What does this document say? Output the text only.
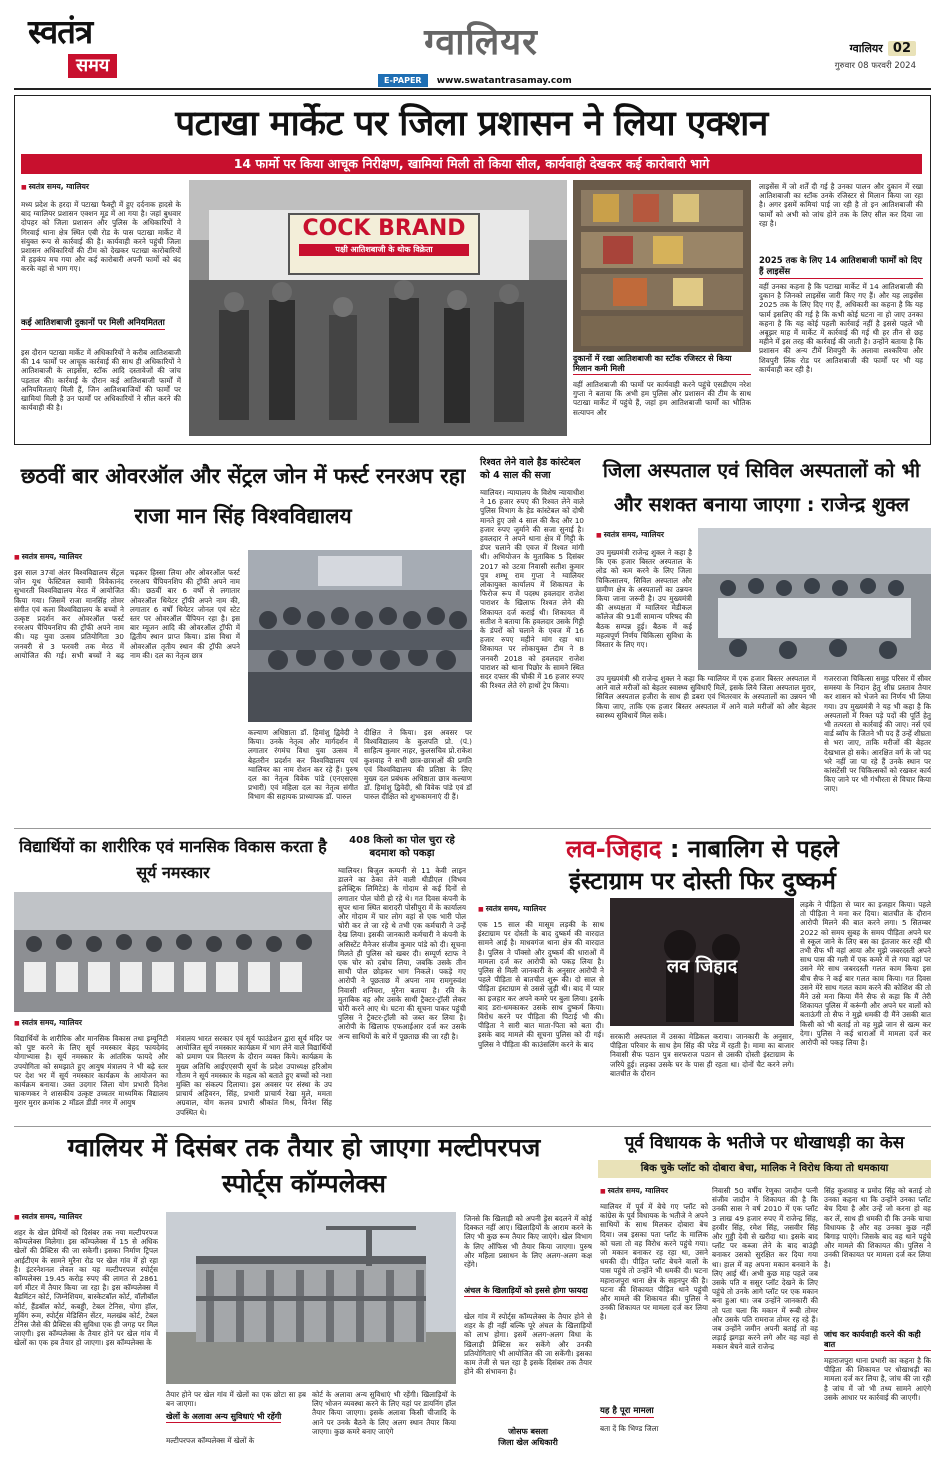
स्वतंत्र
समय
ग्वालियर
E-PAPER www.swatantrasamay.com
ग्वालियर 02
गुरुवार 08 फरवरी 2024
पटाखा मार्केट पर जिला प्रशासन ने लिया एक्शन
14 फार्मो पर किया आचूक निरीक्षण, खामियां मिली तो किया सील, कार्यवाही देखकर कई कारोबारी भागे
■ स्वतंत्र समय, ग्वालियर
मध्य प्रदेश के हरदा में पटाखा फैक्ट्री में हुए दर्दनाक हादसे के बाद ग्वालियर प्रशासन एक्शन मूड में आ गया है। जहां बुधवार दोपहर को जिला प्रशासन और पुलिस के अधिकारियों ने गिरवाई थाना क्षेत्र स्थित एबी रोड के पास पटाखा मार्केट में संयुक्त रूप से कार्रवाई की है। कार्यवाही करने पहुंची जिला प्रशासन अधिकारियों की टीम को देखकर पटाखा कारोबारियों में हड़कंप मच गया और कई कारोबारी अपनी फार्मो को बंद करके वहां से भाग गए।
कई आतिशबाजी दुकानों पर मिली अनियमितता
इस दौरान पटाखा मार्केट में अधिकारियों ने करीब आतिशबाजी की 14 फार्मों पर आचूक कार्रवाई की साथ ही अधिकारियों ने आतिशबाजी के लाइसेंस, स्टॉक आदि दस्तावेजों की जांच पड़ताल की। कार्रवाई के दौरान कई आतिशबाजी फार्मों में अनियमितताएं मिली हैं, जिन आतिशबाजियों की फार्मों पर खामियां मिली है उन फार्मों पर अधिकारियों ने सील करने की कार्यवाही की है।
COCK BRAND
पक्षी आतिशबाजी के थोक विक्रेता
दुकानों में रखा आतिशबाजी का स्टॉक रजिस्टर से किया मिलान कमी मिली
वहीं आतिशबाजी की फार्मो पर कार्यवाही करने पहुंचे एसडीएम नरेश गुप्ता ने बताया कि अभी हम पुलिस और प्रशासन की टीम के साथ पटाखा मार्केट में पहुंचे हैं, जहां हम आतिशबाजी फार्मों का भौतिक सत्यापन और
लाइसेंस में जो शर्तें दी गई है उनका पालन और दुकान में रखा आतिशबाजी का स्टॉक उनके रजिस्टर से मिलान किया जा रहा है। अगर इसमें कमियां पाई जा रही है तो इन आतिशबाजी की फार्मों को अभी को जांच होने तक के लिए सील कर दिया जा रहा है।
2025 तक के लिए 14 आतिशबाजी फार्मों को दिए हैं लाइसेंस
वहीं उनका कहना है कि पटाखा मार्केट में 14 आतिशबाजी की दुकान है जिनको लाइसेंस जारी किए गए हैं। और यह लाइसेंस 2025 तक के लिए दिए गए हैं, अधिकारी का कहना है कि यह फार्म इसलिए की गई है कि कभी कोई घटना ना हो जाए उनका कहना है कि यह कोई पहली कार्रवाई नहीं है इससे पहले भी अबूझर माह में मार्केट में कार्रवाई की गई थी हर तीन से छह महीने में इस तरह की कार्रवाई की जाती है। उन्होंने बताया है कि प्रशासन की अन्य टीमें शिवपुरी के अलावा लश्करिया और शिवपुरी लिंक रोड पर आतिशबाजी की फार्मों पर भी यह कार्यवाही कर रही है।
छठवीं बार ओवरऑल और सेंट्रल जोन में फर्स्ट रनरअप रहा राजा मान सिंह विश्वविद्यालय
■ स्वतंत्र समय, ग्वालियर
इस साल 37वां अंतर विश्वविद्यालय सेंट्रल जोन यूथ फेस्टिवल स्वामी विवेकानंद सुभारती विश्वविद्यालय मेरठ में आयोजित किया गया। जिसमें राजा मानसिंह तोमर संगीत एवं कला विश्वविद्यालय के बच्चों ने उत्कृष्ट प्रदर्शन कर ओवरऑल फर्स्ट रनरअप चैंपियनशिप की ट्रॉफी अपने नाम की। यह युवा उत्सव प्रतियोगिता 30 जनवरी से 3 फरवरी तक मेरठ में आयोजित की गई। सभी बच्चों ने बढ़ चढ़कर हिस्सा लिया और ओवरऑल फर्स्ट रनरअप चैंपियनशिप की ट्रॉफी अपने नाम की। छठवीं बार 6 वर्षों से लगातार ओवरऑल थियेटर ट्रॉफी अपने नाम की, लगातार 6 वर्षों थियेटर जोनल एवं स्टेट स्तर पर ओवरऑल चैंपियन रहा है। इस बार म्यूजन आदि की ओवरऑल ट्रॉफी में द्वितीय स्थान प्राप्त किया। डांस विधा में ओवरऑल तृतीय स्थान की ट्रॉफी अपने नाम की। दल का नेतृत्व छात्र
कल्याण अधिष्ठाता डॉ. हिमांशु द्विवेदी ने किया। उनके नेतृत्व और मार्गदर्शन में लगातार रंगमंच विधा युवा उत्सव में बेहतरीन प्रदर्शन कर विश्वविद्यालय एवं ग्वालियर का नाम रोशन कर रहे हैं। पुरुष दल का नेतृत्व विवेक पांडे (एनएसएस प्रभारी) एवं महिला दल का नेतृत्व संगीत विभाग की सहायक प्राध्यापक डॉ. पारुल
दीक्षित ने किया। इस अवसर पर विश्वविद्यालय के कुलपति प्रो. (पं.) साहित्य कुमार नाहर, कुलसचिव प्रो.राकेश कुशवाह ने सभी छात्र-छात्राओं की प्रगति एवं विश्वविद्यालय की प्रतिष्ठा के लिए मुख्य दल प्रबंधक अधिष्ठाता छात्र कल्याण डॉ. हिमांशु द्विवेदी, श्री विवेक पांडे एवं डॉ पारुल दीक्षित को शुभकामनाएं दी हैं।
रिश्वत लेने वाले हैड कांस्टेबल को 4 साल की सजा
ग्वालियर। न्यायालय के विशेष न्यायाधीश ने 16 हजार रुपए की रिश्वत लेने वाले पुलिस विभाग के हेड कांस्टेबल को दोषी मानते हुए उसे 4 साल की कैद और 10 हजार रुपए जुर्माने की सजा सुनाई है। हवलदार ने अपने थाना क्षेत्र में गिट्टी के डंपर चलाने की एवज में रिश्वत मांगी थी। अभियोजन के मुताबिक 5 दिसंबर 2017 को उटवा निवासी सतीश कुमार पुत्र शम्भू राम गुप्ता ने ग्वालियर लोकायुक्त कार्यालय में शिकायत के फिरोज रूप में पदस्थ हवलदार राजेश पाराशर के खिलाफ रिश्वत लेने की शिकायत दर्ज कराई थी। शिकायत में सतीश ने बताया कि हवलदार उसके गिट्टी के डंपरों को चलाने के एवज में 16 हजार रुपए महीने मांग रहा था। शिकायत पर लोकायुक्त टीम ने 8 जनवरी 2018 को हवलदार राजेश पाराशर को थाना पिछोर के सामने स्थित सदर दफ्तर की चौकी में 16 हजार रुपए की रिश्वत लेते रंगे हाथों ट्रेप किया।
जिला अस्पताल एवं सिविल अस्पतालों को भी और सशक्त बनाया जाएगा : राजेन्द्र शुक्ल
■ स्वतंत्र समय, ग्वालियर
उप मुख्यमंत्री राजेन्द्र शुक्ल ने कहा है कि एक हजार बिस्तर अस्पताल के लोड को कम करने के लिए जिला चिकित्सालय, सिविल अस्पताल और ग्रामीण क्षेत्र के अस्पतालों का उन्नयन किया जाना जरूरी है। उप मुख्यमंत्री की अध्यक्षता में ग्वालियर मेडीकल कॉलेज की 91वीं सामान्य परिषद की बैठक सम्पन्न हुई। बैठक में कई महत्वपूर्ण निर्णय चिकित्सा सुविधा के विस्तार के लिए गए।
उप मुख्यमंत्री श्री राजेन्द्र शुक्ल ने कहा कि ग्वालियर में एक हजार बिस्तर अस्पताल में आने वाले मरीजों को बेहतर स्वास्थ्य सुविधाएँ मिलें, इसके लिये जिला अस्पताल मुरार, सिविल अस्पताल हजीरा के साथ ही डबरा एवं भितरवार के अस्पतालों का उन्नयन भी किया जाए, ताकि एक हजार बिस्तर अस्पताल में आने वाले मरीजों को और बेहतर स्वास्थ्य सुविधायें मिल सकें।
गजरराजा चिकित्सा समूह परिसर में सीवर समस्या के निदान हेतु शीघ्र प्रस्ताव तैयार कर शासन को भेजने का निर्णय भी लिया गया। उप मुख्यमंत्री ने यह भी कहा है कि अस्पतालों में रिक्त पड़े पदों की पूर्ति हेतु भी तत्परता से कार्रवाई की जाए। नर्स एवं वार्ड ब्वॉय के जितने भी पद हैं उन्हें शीघ्रता से भरा जाए, ताकि मरीजों की बेहतर देखभाल हो सके। आरक्षित वर्ग के जो पद भरे नहीं जा पा रहे हैं उनके स्थान पर कांसटेंसी पर चिकित्सकों को रखकर कार्य किए जाने पर भी गंभीरता से विचार किया जाए।
विद्यार्थियों का शारीरिक एवं मानसिक विकास करता है सूर्य नमस्कार
■ स्वतंत्र समय, ग्वालियर
विद्यार्थियों के शारीरिक और मानसिक विकास तथा इम्यूनिटी को पुष्ट करने के लिए सूर्य नमस्कार बेहद फायदेमंद योगाभ्यास है। सूर्य नमस्कार के आंतरिक फायदे और उपयोगिता को समझाते हुए आयुष मंत्रालय ने भी बढ़े स्तर पर देश भर में सूर्य नमस्कार कार्यक्रम के आयोजन का कार्यक्रम बनाया। उक्त उदगार जिला योग प्रभारी दिनेश चाकणकर ने शासकीय उत्कृष्ट उच्चतर माध्यमिक विद्यालय मुरार मुरार क्रमांक 2 मॉडल डीडी नगर में आयुष
मंत्रालय भारत सरकार एवं सूर्य फाउंडेशन द्वारा सूर्य मंदिर पर आयोजित सूर्य नमस्कार कार्यक्रम में भाग लेने वाले विद्यार्थियों को प्रमाण पत्र वितरण के दौरान व्यक्त किये। कार्यक्रम के मुख्य अतिथि आईएएसपी सूर्या के प्रदेश उपाध्यक्ष हरिओम गौतम ने सूर्य नमस्कार के महत्व को बताते हुए बच्चों को नशा मुक्ति का संकल्प दिलाया। इस अवसर पर संस्था के उप प्राचार्य अहिवरन, सिंह, प्रभारी प्राचार्य रेखा मुले, ममता अग्रवाल, योग कलव प्रभारी श्रीकांत मिश्र, विनेश सिंह उपस्थित थे।
408 किलो का पोल चुरा रहे बदमाश को पकड़ा
ग्वालियर। बिजुल कम्पनी से 11 केवी लाइन डालने का ठेका लेने वाली थीडीएल (विभव इलेक्ट्रिक लिमिटेड) के गोदाम से कई दिनों से लगातार पोल चोरी हो रहे थे। गत दिवस कंपनी के सुपर थाना स्थित बारादरी पोसीपुरा में के कार्यालय और गोदाम में चार लोग वहां से एक भारी पोल चोरी कर ले जा रहे थे तभी एक कर्मचारी ने उन्हें देख लिया। इसकी जानकारी कर्मचारी ने कंपनी के असिस्टेंट मैनेजर संजीव कुमार पांडे को दी। सूचना मिलते ही पुलिस को खबर दी। सम्पूर्ण स्टाफ ने एक चोर को दबोच लिया, जबकि उसके तीन साथी पोल छोड़कर भाग निकले। पकड़े गए आरोपी ने पूछताछ में अपना नाम रामगुरुवंश निवासी शनिचरा, मुरैना बताया है। रवि के मुताबिक वह और उसके साथी ट्रैक्टर-ट्रॉली लेकर चोरी करने आए थे। घटना की सूचना पाकर पहुंची पुलिस ने ट्रैक्टर-ट्रॉली को जब्त कर लिया है। आरोपी के खिलाफ एफआईआर दर्ज कर उसके अन्य साथियों के बारे में पूछताछ की जा रही है।
लव-जिहाद : नाबालिग से पहले
इंस्टाग्राम पर दोस्ती फिर दुष्कर्म
■ स्वतंत्र समय, ग्वालियर
एक 15 साल की मासूम लड़की के साथ इंस्टाग्राम पर दोस्ती के बाद दुष्कर्म की वारदात सामने आई है। माधवगंज थाना क्षेत्र की वारदात है। पुलिस ने पॉक्सो और दुष्कर्म की धाराओं में मामला दर्ज कर आरोपी को पकड़ लिया है। पुलिस से मिली जानकारी के अनुसार आरोपी ने पहले पीड़िता से बातचीत शुरू की। दो साल से पीड़िता इंस्टाग्राम से उससे जुड़ी थी। बाद में प्यार का इजहार कर अपने कमरे पर बुला लिया। इसके बाद डरा-धमकाकर उसके साथ दुष्कर्म किया। विरोध करने पर पीड़िता की पिटाई भी की। पीड़िता ने सारी बात माता-पिता को बता दी। इसके बाद मामले की सूचना पुलिस को दी गई। पुलिस ने पीड़िता की काउंसलिंग करने के बाद
लव जिहाद
सरकारी अस्पताल में उसका मेडिकल कराया। जानकारी के अनुसार, पीड़िता परिवार के साथ हेम सिंह की परेड में रहती है। मामा का बाजार निवासी सैफ पठान पुत्र सरफराज पठान से उसकी दोस्ती इंस्टाग्राम के जरिये हुई। लड़का उसके घर के पास ही रहता था। दोनों चैट करने लगे। बातचीत के दौरान
लड़के ने पीड़िता से प्यार का इजहार किया। पहले तो पीड़िता ने मना कर दिया। बातचीत के दौरान आरोपी मिलने की बात करने लगा। 5 सितम्बर 2022 को समय सुबह के समय पीड़िता अपने घर से स्कूल जाने के लिए बस का इंतजार कर रही थी तभी सैफ भी वहां आया और मुझे जबरदस्ती अपने साथ पास की गली में एक कमरे में ले गया वहां पर उसने मेरे साथ जबरदस्ती गलत काम किया इस बीच सैफ ने कई बार गलत काम किया। गत दिवस उसने मेरे साथ गलत काम करने की कोशिश की तो मैंने उसे मना किया मैंने सैफ से कहा कि मैं तेरी शिकायत पुलिस में करूंगी और अपने घर वालों को बताऊंगी तो सैफ ने मुझे धमकी दी मैंने उसकी बात किसी को भी बताई तो वह मुझे जान से खत्म कर देगा। पुलिस ने कई धाराओं में मामला दर्ज कर आरोपी को पकड़ लिया है।
ग्वालियर में दिसंबर तक तैयार हो जाएगा मल्टीपरपज स्पोर्ट्स कॉम्पलेक्स
■ स्वतंत्र समय, ग्वालियर
शहर के खेल प्रेमियों को दिसंबर तक नया मल्टीपरपज कॉम्पलेक्स मिलेगा। इस कॉम्पलेक्स में 15 से अधिक खेलों की प्रैक्टिस की जा सकेगी। इसका निर्माण ट्रिपल आईटीएम के सामने मुरैना रोड पर खेल गांव में हो रहा है। इंटरनेशनल लेवल का यह मल्टीपरपज स्पोर्ट्स कॉम्पलेक्स 19.45 करोड़ रुपए की लागत से 2861 वर्ग मीटर में तैयार किया जा रहा है। इस कॉम्पलेक्स में बैडमिंटन कोर्ट, जिम्नेशियम, बास्केटबॉल कोर्ट, वॉलीबॉल कोर्ट, हैंडबॉल कोर्ट, कबड्डी, टेबल टेनिस, योगा हॉल, मूविंग रूम, स्पोर्ट्स मेडिसिन सेंटर, मलखंब कोर्ट, टेबल टेनिस जैसे की प्रैक्टिस की सुविधा एक ही जगह पर मिल जाएगी। इस कॉम्पलेक्स के तैयार होने पर खेल गांव में खेलों का एक हब तैयार हो जाएगा। इस कॉम्पलेक्स के
तैयार होने पर खेल गांव में खेलों का एक छोटा सा हब बन जाएगा।
खेलों के अलावा अन्य सुविधाएं भी रहेंगी
मल्टीपरपज कॉम्पलेक्स में खेलों के
कोर्ट के अलावा अन्य सुविधाएं भी रहेंगी। खिलाड़ियों के लिए भोजन व्यवस्था करने के लिए यहां पर डायनिंग हॉल तैयार किया जाएगा। इसके अलावा किसी चीजादि के आने पर उनके बैठने के लिए अलग स्थान तैयार किया जाएगा। कुछ कमरे बनाए जाएंगे
जिनसे कि खिलाड़ी को अपनी ड्रेस बदलने में कोई दिक्कत नहीं आए। खिलाड़ियों के आराम करने के लिए भी कुछ रूम तैयार किए जाएंगे। खेल विभाग के लिए ऑफिस भी तैयार किया जाएगा। पुरुष और महिला प्रसाधन के लिए अलग-अलग कक्ष रहेंगे।
अंचल के खिलाड़ियों को इससे होगा फायदा
खेल गांव में स्पोर्ट्स कॉम्पलेक्स के तैयार होने से शहर के ही नहीं बल्कि पूरे अंचल के खिलाड़ियों को लाभ होगा। इसमें अलग-अलग विधा के खिलाड़ी प्रैक्टिस कर सकेंगे और उनकी प्रतियोगिताएं भी आयोजित की जा सकेंगी। इसका काम तेजी से चल रहा है इसके दिसंबर तक तैयार होने की संभावना है।
जोसफ बसला
जिला खेल अधिकारी
पूर्व विधायक के भतीजे पर धोखाधड़ी का केस
बिक चुके प्लॉट को दोबारा बेचा, मालिक ने विरोध किया तो धमकाया
■ स्वतंत्र समय, ग्वालियर
ग्वालियर में पूर्व में बेचे गए प्लॉट को कांग्रेस के पूर्व विधायक के भतीजे ने अपने साथियों के साथ मिलकर दोबारा बेच दिया। जब इसका पता प्लॉट के मालिक को चला तो वह विरोध करने पहुंचे गया। जो मकान बनाकर रह रहा था, उसने धमकी दी। पीड़ित प्लॉट बेचने वालों के पास पहुंचे तो उन्होंने भी धमकी दी। घटना महाराजपुरा थाना क्षेत्र के सहनपुर की है। घटना की शिकायत पीड़ित थाने पहुंची और मामले की शिकायत की। पुलिस ने उनकी शिकायत पर मामला दर्ज कर लिया है।
यह है पूरा मामला
बता दें कि भिण्ड जिला
निवासी 50 वर्षीय रेणुका जादौन पत्नी संजीव जादौन ने शिकायत की है कि उनकी सास ने वर्ष 2010 में एक प्लॉट 3 लाख 49 हजार रुपए में राजेन्द्र सिंह, हरवीर सिंह, रमेश सिंह, जसवीर सिंह और गुड्डी देवी से खरीदा था। इसके बाद प्लॉट पर कब्जा लेने के बाद बाउंड्री बनाकर उसको सुरक्षित कर दिया गया था। हाल में वह अपना मकान बनवाने के लिए आई थीं। अभी कुछ माह पहले जब उसके पति व ससुर प्लॉट देखने के लिए पहुंचे तो उनके आगे प्लॉट पर एक मकान बना हुआ था। जब उन्होंने जानकारी की तो पता चला कि मकान में रूबी तोमर और उसके पति रामराज तोमर रह रहे हैं। जब उन्होंने जमीन अपनी बताई तो वह लड़ाई झगड़ा करने लगे और वह वहां से मकान बेचने वाले राजेन्द्र
सिंह कुशवाह व प्रमोद सिंह को बताई तो उनका कहना था कि उन्होंने उनका प्लॉट बेच दिया है और उन्हें जो करना हो वह कर लें, साथ ही धमकी दी कि उनके चाचा विधायक है और वह उनका कुछ नहीं बिगाड़ पाएंगे। जिसके बाद वह थाने पहुंचे और मामले की शिकायत की। पुलिस ने उनकी शिकायत पर मामला दर्ज कर लिया है।
जांच कर कार्यवाही करने की कही बात
महाराजपुरा थाना प्रभारी का कहना है कि पीड़िता की शिकायत पर धोखाधड़ी का मामला दर्ज कर लिया है, जांच की जा रही है जांच में जो भी तथ्य सामने आएंगे उसके आधार पर कार्रवाई की जाएगी।
